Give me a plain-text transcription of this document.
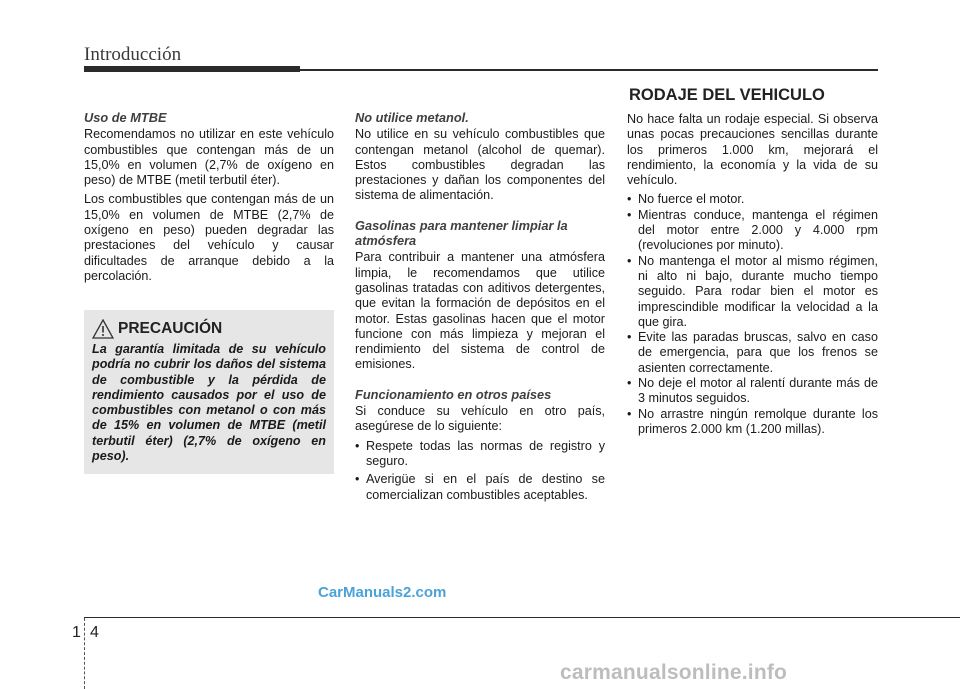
Introducción
Uso de MTBE

Recomendamos no utilizar en este vehículo combustibles que contengan más de un 15,0% en volumen (2,7% de oxígeno en peso) de MTBE (metil terbutil éter).

Los combustibles que contengan más de un 15,0% en volumen de MTBE (2,7% de oxígeno en peso) pueden degradar las prestaciones del vehículo y causar dificultades de arranque debido a la percolación.

PRECAUCIÓN

La garantía limitada de su vehículo podría no cubrir los daños del sistema de combustible y la pérdida de rendimiento causados por el uso de combustibles con metanol o con más de 15% en volumen de MTBE (metil terbutil éter) (2,7% de oxígeno en peso).

No utilice metanol.

No utilice en su vehículo combustibles que contengan metanol (alcohol de quemar). Estos combustibles degradan las prestaciones y dañan los componentes del sistema de alimentación.

Gasolinas para mantener limpiar la atmósfera

Para contribuir a mantener una atmósfera limpia, le recomendamos que utilice gasolinas tratadas con aditivos detergentes, que evitan la formación de depósitos en el motor. Estas gasolinas hacen que el motor funcione con más limpieza y mejoran el rendimiento del sistema de control de emisiones.

Funcionamiento en otros países

Si conduce su vehículo en otro país, asegúrese de lo siguiente:

• Respete todas las normas de registro y seguro.
• Averigüe si en el país de destino se comercializan combustibles aceptables.
RODAJE DEL VEHICULO

No hace falta un rodaje especial. Si observa unas pocas precauciones sencillas durante los primeros 1.000 km, mejorará el rendimiento, la economía y la vida de su vehículo.

• No fuerce el motor.
• Mientras conduce, mantenga el régimen del motor entre 2.000 y 4.000 rpm (revoluciones por minuto).
• No mantenga el motor al mismo régimen, ni alto ni bajo, durante mucho tiempo seguido. Para rodar bien el motor es imprescindible modificar la velocidad a la que gira.
• Evite las paradas bruscas, salvo en caso de emergencia, para que los frenos se asienten correctamente.
• No deje el motor al ralentí durante más de 3 minutos seguidos.
• No arrastre ningún remolque durante los primeros 2.000 km (1.200 millas).
CarManuals2.com
1 4
carmanualsonline.info
